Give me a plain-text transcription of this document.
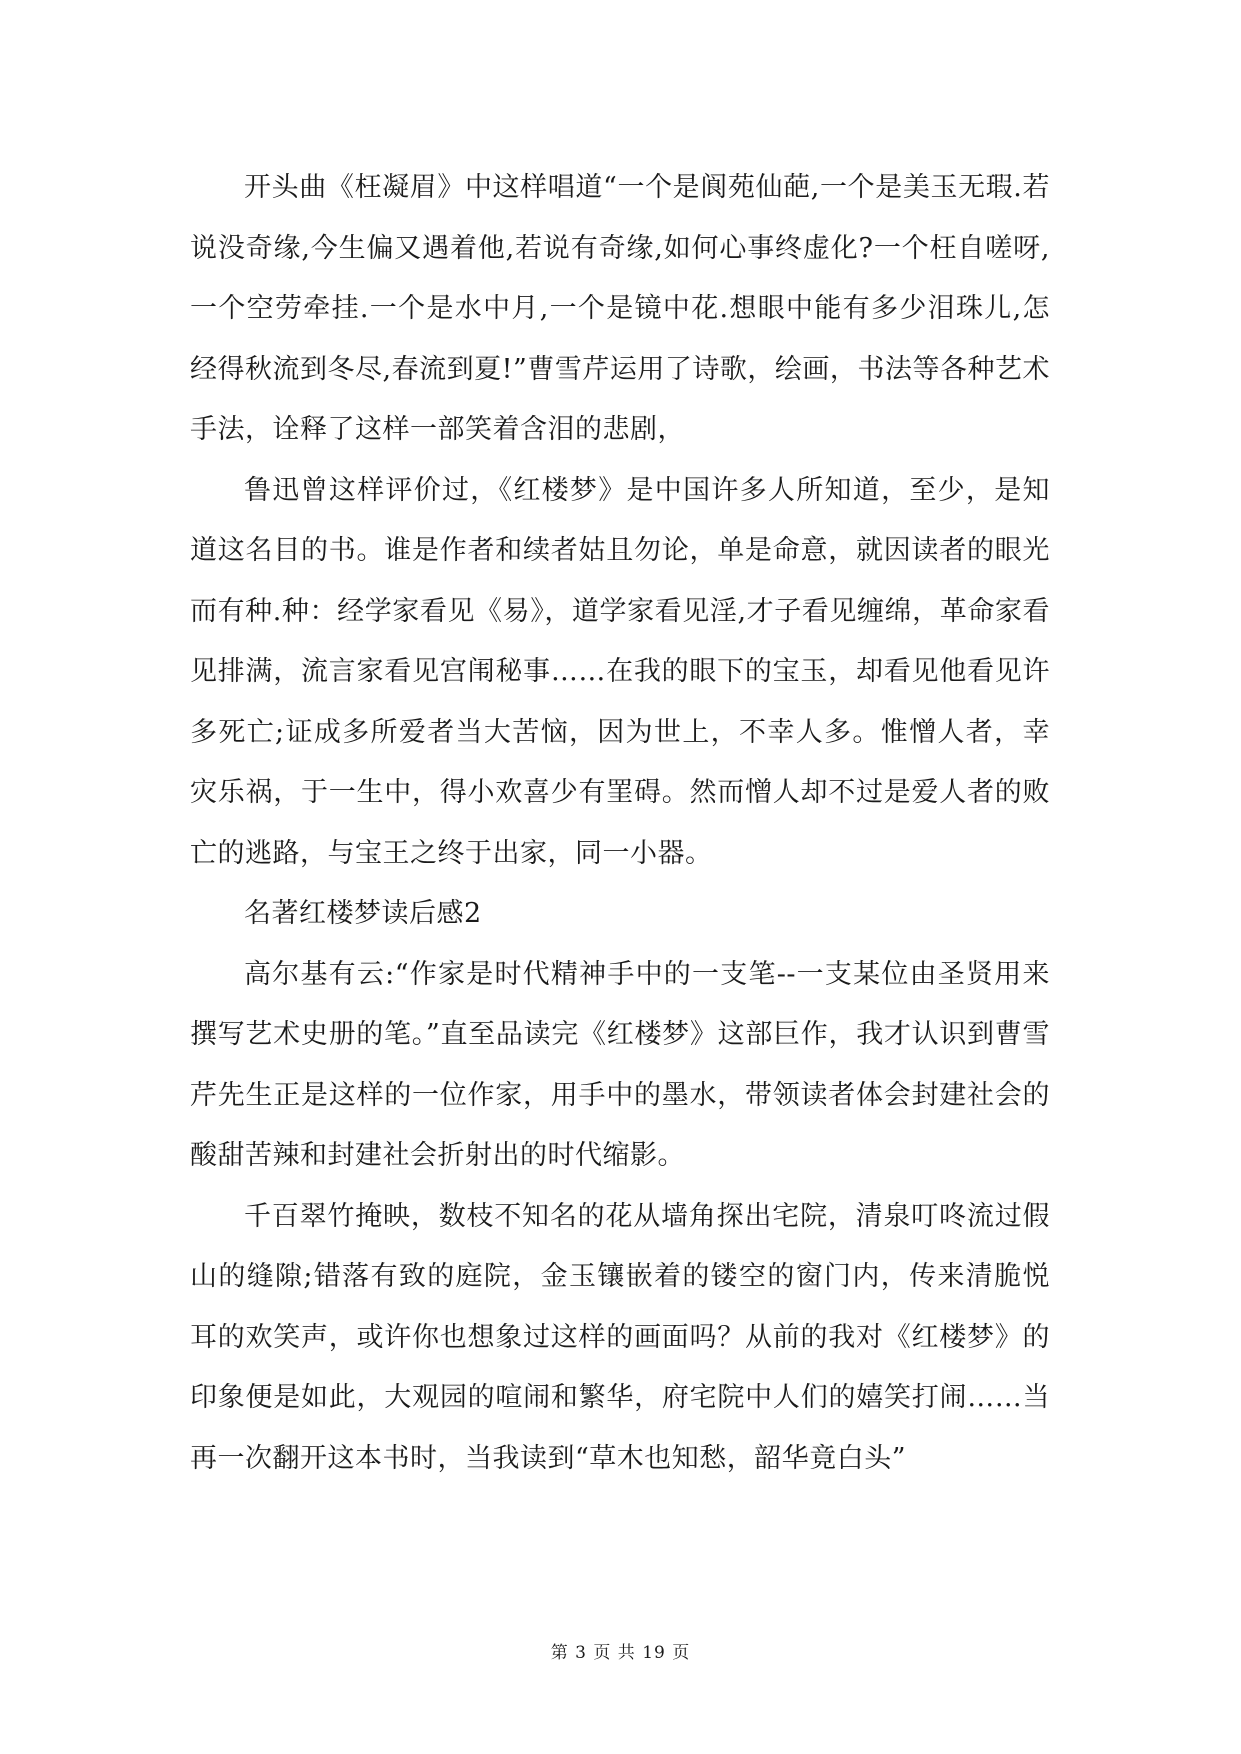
开头曲《枉凝眉》中这样唱道“一个是阆苑仙葩,一个是美玉无瑕.若说没奇缘,今生偏又遇着他,若说有奇缘,如何心事终虚化?一个枉自嗟呀,一个空劳牵挂.一个是水中月,一个是镜中花.想眼中能有多少泪珠儿,怎经得秋流到冬尽,春流到夏!”曹雪芹运用了诗歌，绘画，书法等各种艺术手法，诠释了这样一部笑着含泪的悲剧，

鲁迅曾这样评价过，《红楼梦》是中国许多人所知道，至少，是知道这名目的书。谁是作者和续者姑且勿论，单是命意，就因读者的眼光而有种.种：经学家看见《易》，道学家看见淫,才子看见缠绵，革命家看见排满，流言家看见宫闱秘事……在我的眼下的宝玉，却看见他看见许多死亡;证成多所爱者当大苦恼，因为世上，不幸人多。惟憎人者，幸灾乐祸，于一生中，得小欢喜少有罣碍。然而憎人却不过是爱人者的败亡的逃路，与宝王之终于出家，同一小器。

名著红楼梦读后感2

高尔基有云:“作家是时代精神手中的一支笔--一支某位由圣贤用来撰写艺术史册的笔。”直至品读完《红楼梦》这部巨作，我才认识到曹雪芹先生正是这样的一位作家，用手中的墨水，带领读者体会封建社会的酸甜苦辣和封建社会折射出的时代缩影。

千百翠竹掩映，数枝不知名的花从墙角探出宅院，清泉叮咚流过假山的缝隙;错落有致的庭院，金玉镶嵌着的镂空的窗门内，传来清脆悦耳的欢笑声，或许你也想象过这样的画面吗？从前的我对《红楼梦》的印象便是如此，大观园的喧闹和繁华，府宅院中人们的嬉笑打闹……当再一次翻开这本书时，当我读到“草木也知愁，韶华竟白头”

第 3 页 共 19 页
